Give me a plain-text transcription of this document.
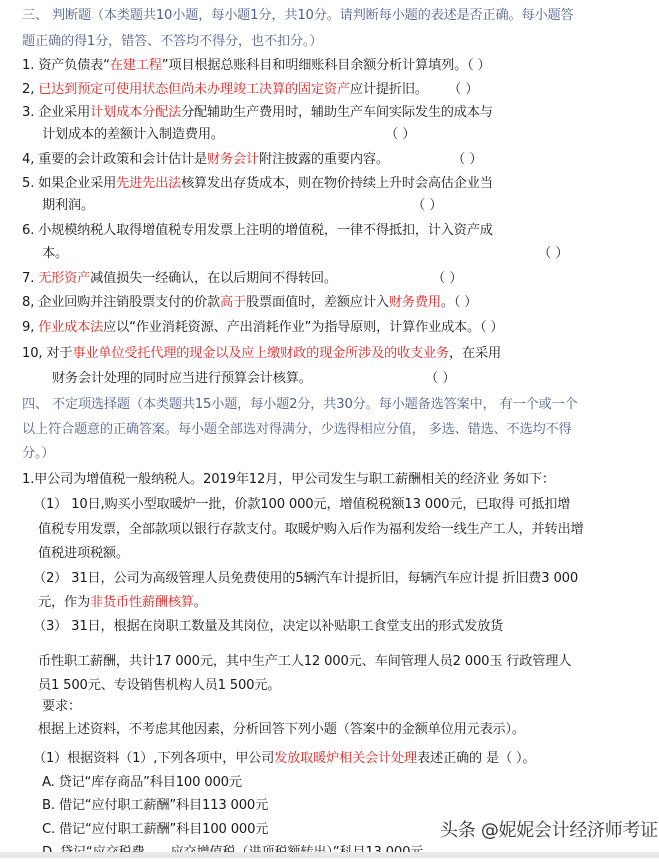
三、 判断题（本类题共10小题，每小题1分，共10分。请判断每小题的表述是否正确。每小题答
题正确的得1分，错答、不答均不得分，也不扣分。）
1. 资产负债表“在建工程”项目根据总账科目和明细账科目余额分析计算填列。（ ）
2, 已达到预定可使用状态但尚未办理竣工决算的固定资产应计提折旧。 （ ）
3. 企业采用计划成本分配法分配辅助生产费用时，辅助生产车间实际发生的成本与
计划成本的差额计入制造费用。	（ ）
4, 重要的会计政策和会计估计是财务会计附注披露的重要内容。	（ ）
5. 如果企业采用先进先出法核算发出存货成本，则在物价持续上升时会高估企业当
期利润。	（ ）
6. 小规模纳税人取得增值税专用发票上注明的增值税，一律不得抵扣，计入资产成
本。	（ ）
7. 无形资产减值损失一经确认，在以后期间不得转回。	（ ）
8, 企业回购并注销股票支付的价款高于股票面值时，差额应计入财务费用。（ ）
9, 作业成本法应以“作业消耗资源、产出消耗作业”为指导原则，计算作业成本。（ ）
10, 对于事业单位受托代理的现金以及应上缴财政的现金所涉及的收支业务，在采用
财务会计处理的同时应当进行预算会计核算。	（ ）
四、 不定项选择题（本类题共15小题，每小题2分，共30分。每小题备选答案中， 有一个或一个
以上符合题意的正确答案。每小题全部选对得满分，少选得相应分值， 多选、错选、不选均不得
分。）
1.甲公司为增值税一般纳税人。2019年12月，甲公司发生与职工薪酬相关的经济业 务如下：
（1） 10日,购买小型取暖炉一批，价款100 000元，增值税税额13 000元，已取得 可抵扣增
值税专用发票，全部款项以银行存款支付。取暖炉购入后作为福利发给一线生产工人，并转出增
值税进项税额。
（2） 31日，公司为高级管理人员免费使用的5辆汽车计提折旧，每辆汽车应计提 折旧费3 000
元，作为非货币性薪酬核算。
（3） 31日，根据在岗职工数量及其岗位，决定以补贴职工食堂支出的形式发放货
币性职工薪酬，共计17 000元，其中生产工人12 000元、车间管理人员2 000玉 行政管理人
员1 500元、专设销售机构人员1 500元。
要求：
根据上述资料，不考虑其他因素，分析回答下列小题（答案中的金额单位用元表示）。
（1）根据资料（1）,下列各项中，甲公司发放取暖炉相关会计处理表述正确的 是（ ）。
A. 贷记“库存商品”科目100 000元
B. 借记“应付职工薪酬”科目113 000元
C. 借记“应付职工薪酬”科目100 000元	头条 @妮妮会计经济师考证
